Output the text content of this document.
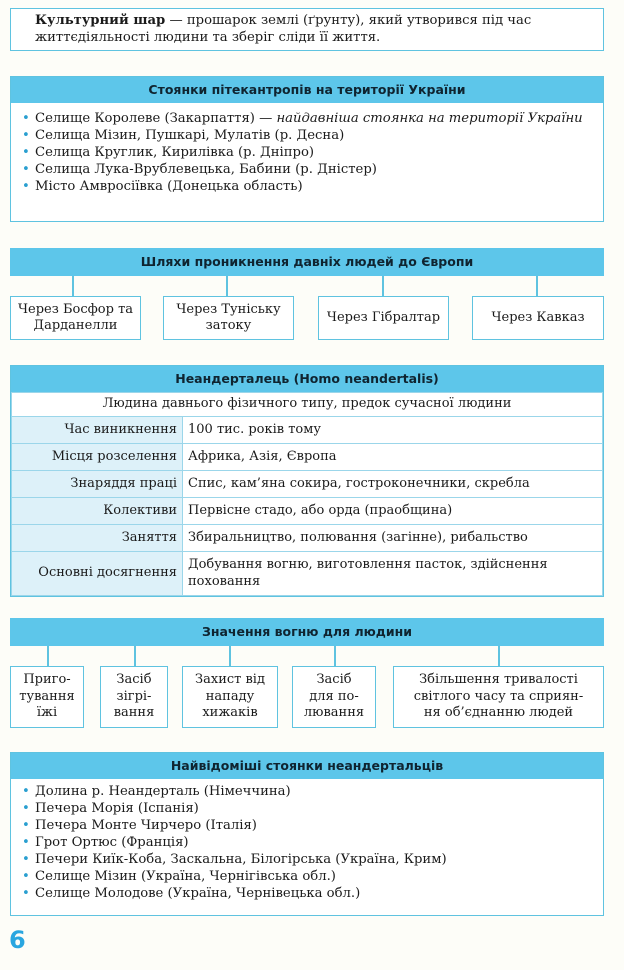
Культурний шар — прошарок землі (ґрунту), який утворився під час життєдіяльності людини та зберіг сліди її життя.
Стоянки пітекантропів на території України
• Селище Королеве (Закарпаття) — найдавніша стоянка на території України
• Селища Мізин, Пушкарі, Мулатів (р. Десна)
• Селища Круглик, Кирилівка (р. Дніпро)
• Селища Лука-Врублевецька, Бабини (р. Дністер)
• Місто Амвросіївка (Донецька область)
Шляхи проникнення давніх людей до Європи
Через Босфор та Дарданелли
Через Туніську затоку
Через Гібралтар	Через Кавказ
Неандерталець (Homo neandertalis)
Людина давнього фізичного типу, предок сучасної людини	
Час виникнення	100 тис. років тому
Місця розселення	Африка, Азія, Європа
Знаряддя праці	Спис, кам’яна сокира, гостроконечники, скребла
Колективи	Первісне стадо, або орда (праобщина)
Заняття	Збиральництво, полювання (загінне), рибальство
Основні досягнення	Добування вогню, виготовлення пасток, здійснення поховання
Значення вогню для людини
Приго-
тування
їжі
Засіб
зігрі-
вання
Захист від
нападу
хижаків
Засіб
для по-
лювання
Збільшення тривалості
світлого часу та сприян-
ня об’єднанню людей
Найвідоміші стоянки неандертальців
• Долина р. Неандерталь (Німеччина)
• Печера Морія (Іспанія)
• Печера Монте Чирчеро (Італія)
• Грот Ортюс (Франція)
• Печери Киїк-Коба, Заскальна, Білогірська (Україна, Крим)
• Селище Мізин (Україна, Чернігівська обл.)
• Селище Молодове (Україна, Чернівецька обл.)
6
